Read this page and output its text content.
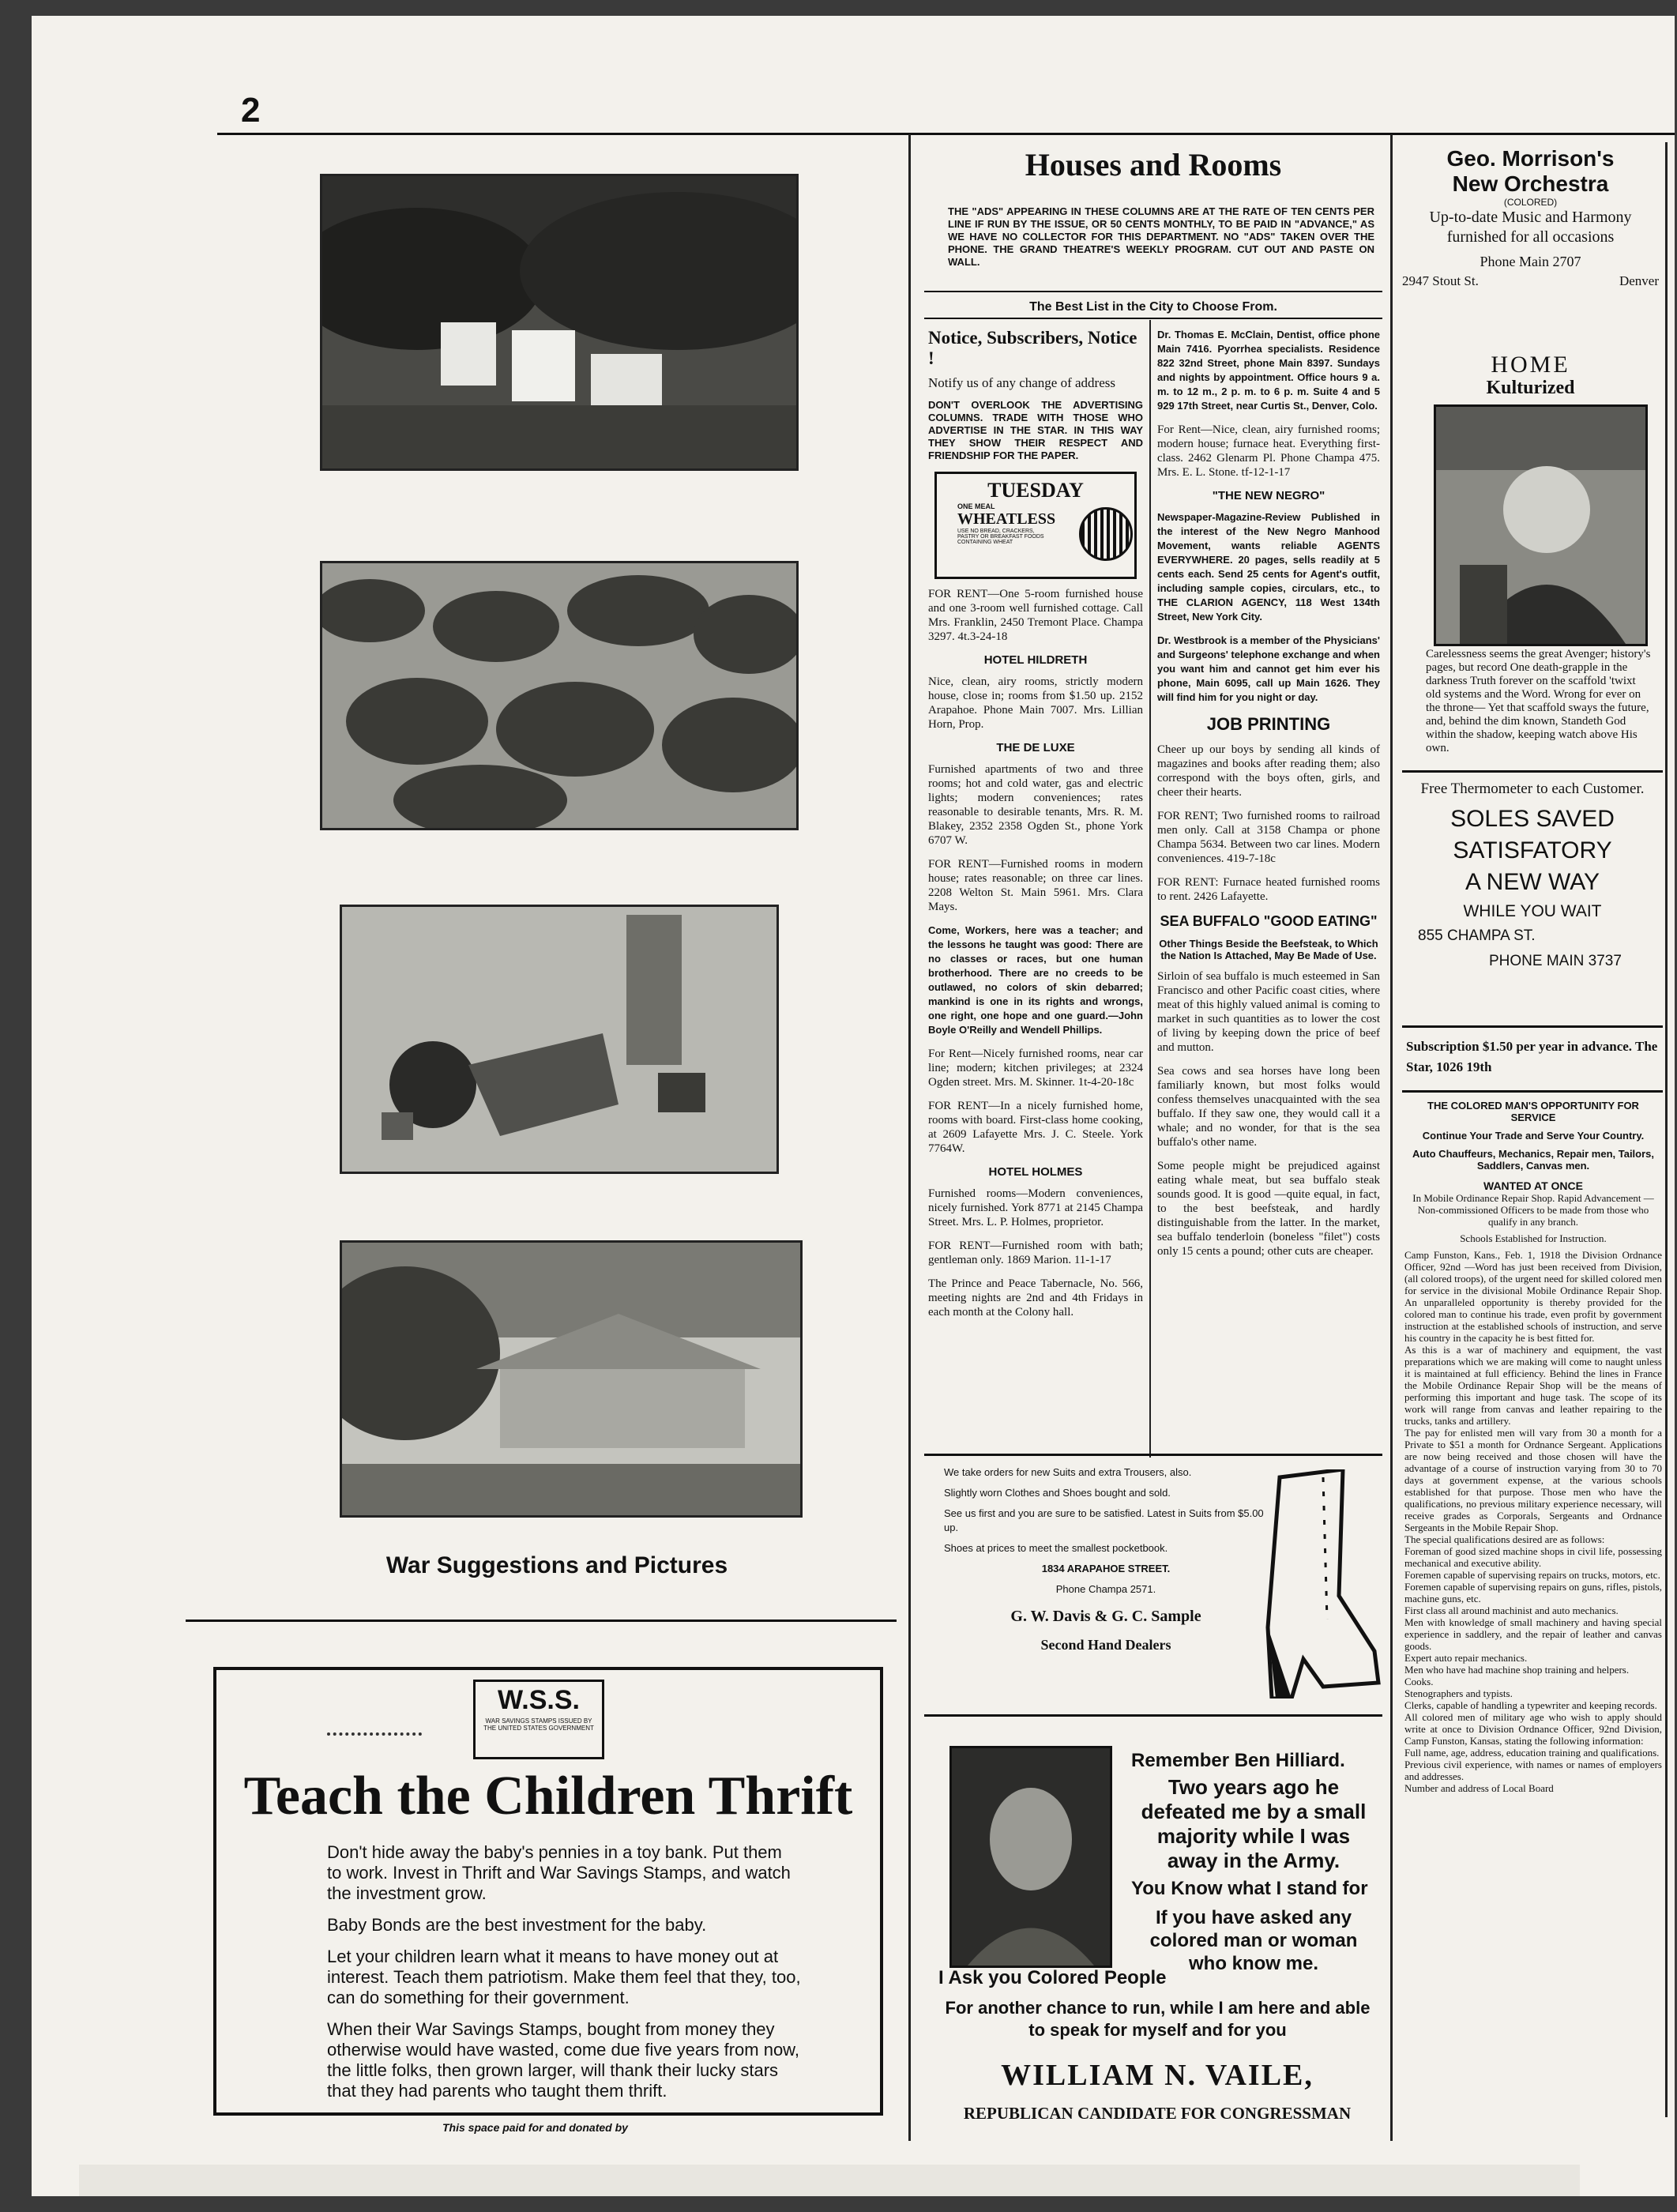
2
War Suggestions and Pictures
W.S.S.
WAR SAVINGS STAMPS ISSUED BY THE UNITED STATES GOVERNMENT
Teach the Children Thrift

Don't hide away the baby's pennies in a toy bank. Put them to work. Invest in Thrift and War Savings Stamps, and watch the investment grow.

Baby Bonds are the best investment for the baby.

Let your children learn what it means to have money out at interest. Teach them patriotism. Make them feel that they, too, can do something for their government.

When their War Savings Stamps, bought from money they otherwise would have wasted, come due five years from now, the little folks, then grown larger, will thank their lucky stars that they had parents who taught them thrift.

This space paid for and donated by
Houses and Rooms
THE "ADS" APPEARING IN THESE COLUMNS ARE AT THE RATE OF TEN CENTS PER LINE IF RUN BY THE ISSUE, OR 50 CENTS MONTHLY, TO BE PAID IN "ADVANCE," AS WE HAVE NO COLLECTOR FOR THIS DEPARTMENT. NO "ADS" TAKEN OVER THE PHONE. THE GRAND THEATRE'S WEEKLY PROGRAM. CUT OUT AND PASTE ON WALL.
The Best List in the City to Choose From.
Notice, Subscribers, Notice !
Notify us of any change of address
DON'T OVERLOOK THE ADVERTISING COLUMNS. TRADE WITH THOSE WHO ADVERTISE IN THE STAR. IN THIS WAY THEY SHOW THEIR RESPECT AND FRIENDSHIP FOR THE PAPER.
TUESDAY
ONE MEAL
WHEATLESS
USE NO BREAD, CRACKERS, PASTRY OR BREAKFAST FOODS CONTAINING WHEAT

FOR RENT—One 5-room furnished house and one 3-room well furnished cottage. Call Mrs. Franklin, 2450 Tremont Place. Champa 3297. 4t.3-24-18

HOTEL HILDRETH

Nice, clean, airy rooms, strictly modern house, close in; rooms from $1.50 up. 2152 Arapahoe. Phone Main 7007. Mrs. Lillian Horn, Prop.

THE DE LUXE

Furnished apartments of two and three rooms; hot and cold water, gas and electric lights; modern conveniences; rates reasonable to desirable tenants, Mrs. R. M. Blakey, 2352 2358 Ogden St., phone York 6707 W.

FOR RENT—Furnished rooms in modern house; rates reasonable; on three car lines. 2208 Welton St. Main 5961. Mrs. Clara Mays.

Come, Workers, here was a teacher; and the lessons he taught was good: There are no classes or races, but one human brotherhood. There are no creeds to be outlawed, no colors of skin debarred; mankind is one in its rights and wrongs, one right, one hope and one guard.—John Boyle O'Reilly and Wendell Phillips.

For Rent—Nicely furnished rooms, near car line; modern; kitchen privileges; at 2324 Ogden street. Mrs. M. Skinner. 1t-4-20-18c

FOR RENT—In a nicely furnished home, rooms with board. First-class home cooking, at 2609 Lafayette Mrs. J. C. Steele. York 7764W.

HOTEL HOLMES

Furnished rooms—Modern conveniences, nicely furnished. York 8771 at 2145 Champa Street. Mrs. L. P. Holmes, proprietor.

FOR RENT—Furnished room with bath; gentleman only. 1869 Marion. 11-1-17

The Prince and Peace Tabernacle, No. 566, meeting nights are 2nd and 4th Fridays in each month at the Colony hall.

Dr. Thomas E. McClain, Dentist, office phone Main 7416. Pyorrhea specialists. Residence 822 32nd Street, phone Main 8397. Sundays and nights by appointment. Office hours 9 a. m. to 12 m., 2 p. m. to 6 p. m. Suite 4 and 5 929 17th Street, near Curtis St., Denver, Colo.

For Rent—Nice, clean, airy furnished rooms; modern house; furnace heat. Everything first-class. 2462 Glenarm Pl. Phone Champa 475. Mrs. E. L. Stone. tf-12-1-17

"THE NEW NEGRO"

Newspaper-Magazine-Review Published in the interest of the New Negro Manhood Movement, wants reliable AGENTS EVERYWHERE. 20 pages, sells readily at 5 cents each. Send 25 cents for Agent's outfit, including sample copies, circulars, etc., to THE CLARION AGENCY, 118 West 134th Street, New York City.

Dr. Westbrook is a member of the Physicians' and Surgeons' telephone exchange and when you want him and cannot get him ever his phone, Main 6095, call up Main 1626. They will find him for you night or day.

JOB PRINTING

Cheer up our boys by sending all kinds of magazines and books after reading them; also correspond with the boys often, girls, and cheer their hearts.

FOR RENT; Two furnished rooms to railroad men only. Call at 3158 Champa or phone Champa 5634. Between two car lines. Modern conveniences. 419-7-18c

FOR RENT: Furnace heated furnished rooms to rent. 2426 Lafayette.

SEA BUFFALO "GOOD EATING"
Other Things Beside the Beefsteak, to Which the Nation Is Attached, May Be Made of Use.

Sirloin of sea buffalo is much esteemed in San Francisco and other Pacific coast cities, where meat of this highly valued animal is coming to market in such quantities as to lower the cost of living by keeping down the price of beef and mutton.

Sea cows and sea horses have long been familiarly known, but most folks would confess themselves unacquainted with the sea buffalo. If they saw one, they would call it a whale; and no wonder, for that is the sea buffalo's other name.

Some people might be prejudiced against eating whale meat, but sea buffalo steak sounds good. It is good —quite equal, in fact, to the best beefsteak, and hardly distinguishable from the latter. In the market, sea buffalo tenderloin (boneless "filet") costs only 15 cents a pound; other cuts are cheaper.

We take orders for new Suits and extra Trousers, also.

Slightly worn Clothes and Shoes bought and sold.

See us first and you are sure to be satisfied. Latest in Suits from $5.00 up.

Shoes at prices to meet the smallest pocketbook.

1834 ARAPAHOE STREET.

Phone Champa 2571.

G. W. Davis & G. C. Sample

Second Hand Dealers

Remember Ben Hilliard.
Two years ago he defeated me by a small majority while I was away in the Army.
You Know what I stand for
If you have asked any colored man or woman who know me.
I Ask you Colored People
For another chance to run, while I am here and able to speak for myself and for you
WILLIAM N. VAILE,
REPUBLICAN CANDIDATE FOR CONGRESSMAN
Geo. Morrison's
New Orchestra
(COLORED)
Up-to-date Music and Harmony furnished for all occasions
Phone Main 2707
2947 Stout St.	Denver
HOME
Kulturized
Carelessness seems the great Avenger; history's pages, but record One death-grapple in the darkness Truth forever on the scaffold 'twixt old systems and the Word. Wrong for ever on the throne— Yet that scaffold sways the future, and, behind the dim known, Standeth God within the shadow, keeping watch above His own.
Free Thermometer to each Customer.
SOLES SAVED
SATISFATORY
A NEW WAY
WHILE YOU WAIT
855 CHAMPA ST.
PHONE MAIN 3737
Subscription $1.50 per year in advance. The Star, 1026 19th
THE COLORED MAN'S OPPORTUNITY FOR SERVICE
Continue Your Trade and Serve Your Country.
Auto Chauffeurs, Mechanics, Repair men, Tailors, Saddlers, Canvas men.
WANTED AT ONCE
In Mobile Ordinance Repair Shop. Rapid Advancement — Non-commissioned Officers to be made from those who qualify in any branch.
Schools Established for Instruction.
Camp Funston, Kans., Feb. 1, 1918 the Division Ordnance Officer, 92nd —Word has just been received from Division, (all colored troops), of the urgent need for skilled colored men for service in the divisional Mobile Ordinance Repair Shop. An unparalleled opportunity is thereby provided for the colored man to continue his trade, even profit by government instruction at the established schools of instruction, and serve his country in the capacity he is best fitted for.
As this is a war of machinery and equipment, the vast preparations which we are making will come to naught unless it is maintained at full efficiency. Behind the lines in France the Mobile Ordinance Repair Shop will be the means of performing this important and huge task. The scope of its work will range from canvas and leather repairing to the trucks, tanks and artillery.
The pay for enlisted men will vary from 30 a month for a Private to $51 a month for Ordnance Sergeant. Applications are now being received and those chosen will have the advantage of a course of instruction varying from 30 to 70 days at government expense, at the various schools established for that purpose. Those men who have the qualifications, no previous military experience necessary, will receive grades as Corporals, Sergeants and Ordnance Sergeants in the Mobile Repair Shop.
The special qualifications desired are as follows:
Foreman of good sized machine shops in civil life, possessing mechanical and executive ability.
Foremen capable of supervising repairs on trucks, motors, etc.
Foremen capable of supervising repairs on guns, rifles, pistols, machine guns, etc.
First class all around machinist and auto mechanics.
Men with knowledge of small machinery and having special experience in saddlery, and the repair of leather and canvas goods.
Expert auto repair mechanics.
Men who have had machine shop training and helpers.
Cooks.
Stenographers and typists.
Clerks, capable of handling a typewriter and keeping records.
All colored men of military age who wish to apply should write at once to Division Ordnance Officer, 92nd Division, Camp Funston, Kansas, stating the following information:
Full name, age, address, education training and qualifications.
Previous civil experience, with names or names of employers and addresses.
Number and address of Local Board
